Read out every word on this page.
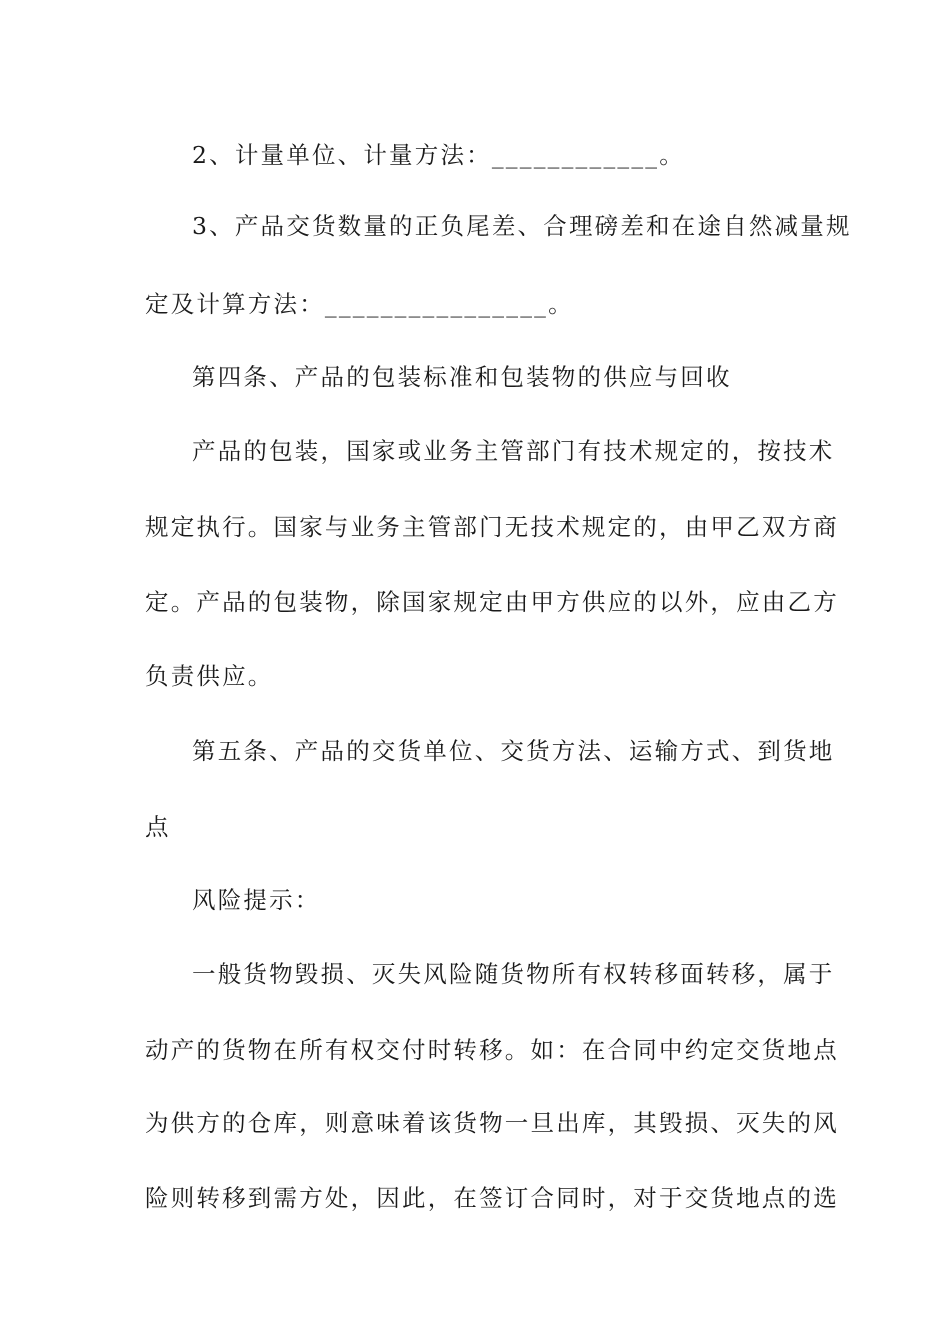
2、计量单位、计量方法：____________。
3、产品交货数量的正负尾差、合理磅差和在途自然减量规
定及计算方法：________________。
第四条、产品的包装标准和包装物的供应与回收
产品的包装，国家或业务主管部门有技术规定的，按技术
规定执行。国家与业务主管部门无技术规定的，由甲乙双方商
定。产品的包装物，除国家规定由甲方供应的以外，应由乙方
负责供应。
第五条、产品的交货单位、交货方法、运输方式、到货地
点
风险提示：
一般货物毁损、灭失风险随货物所有权转移面转移，属于
动产的货物在所有权交付时转移。如：在合同中约定交货地点
为供方的仓库，则意味着该货物一旦出库，其毁损、灭失的风
险则转移到需方处，因此，在签订合同时，对于交货地点的选
